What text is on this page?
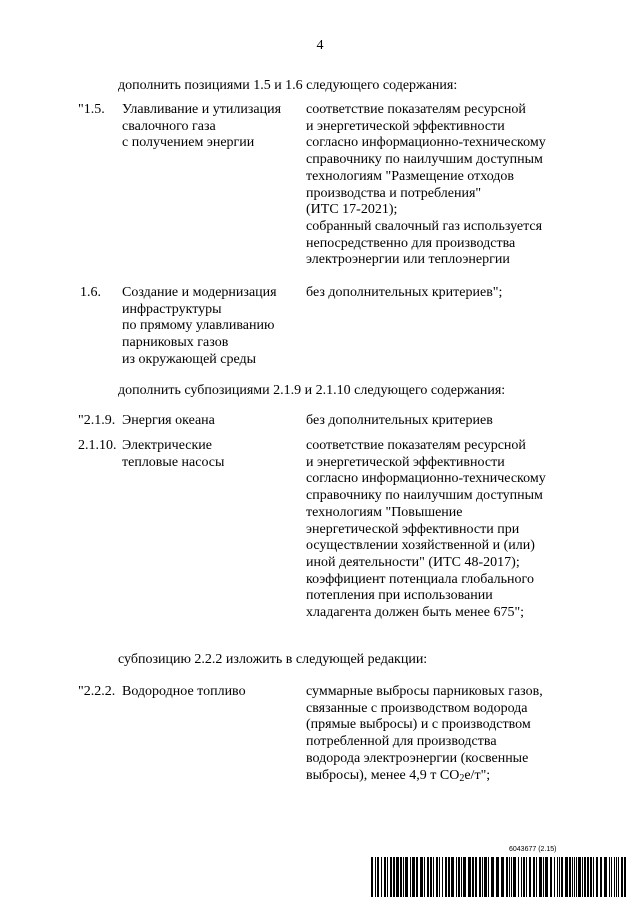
4
дополнить позициями 1.5 и 1.6 следующего содержания:
"1.5. Улавливание и утилизация
свалочного газа
с получением энергии
соответствие показателям ресурсной
и энергетической эффективности
согласно информационно-техническому
справочнику по наилучшим доступным
технологиям "Размещение отходов
производства и потребления"
(ИТС 17-2021);
собранный свалочный газ используется
непосредственно для производства
электроэнергии или теплоэнергии
1.6. Создание и модернизация
инфраструктуры
по прямому улавливанию
парниковых газов
из окружающей среды
без дополнительных критериев";
дополнить субпозициями 2.1.9 и 2.1.10 следующего содержания:
"2.1.9. Энергия океана	без дополнительных критериев
2.1.10. Электрические
тепловые насосы
соответствие показателям ресурсной
и энергетической эффективности
согласно информационно-техническому
справочнику по наилучшим доступным
технологиям "Повышение
энергетической эффективности при
осуществлении хозяйственной и (или)
иной деятельности" (ИТС 48-2017);
коэффициент потенциала глобального
потепления при использовании
хладагента должен быть менее 675";
субпозицию 2.2.2 изложить в следующей редакции:
"2.2.2. Водородное топливо	суммарные выбросы парниковых газов,
связанные с производством водорода
(прямые выбросы) и с производством
потребленной для производства
водорода электроэнергии (косвенные
выбросы), менее 4,9 т $CO_2е/т$";
6043677 (2.15)
